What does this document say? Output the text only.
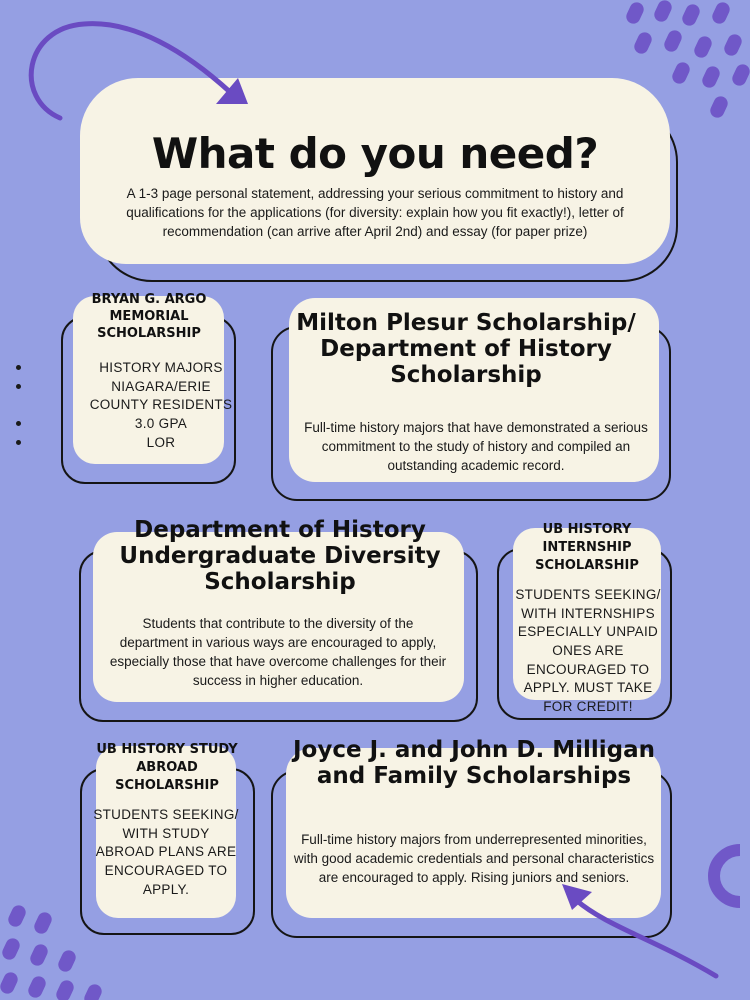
What do you need?
A 1-3 page personal statement, addressing your serious commitment to history and qualifications for the applications (for diversity: explain how you fit exactly!), letter of recommendation (can arrive after April 2nd) and essay (for paper prize)
BRYAN G. ARGO MEMORIAL SCHOLARSHIP
HISTORY MAJORS
NIAGARA/ERIE COUNTY RESIDENTS
3.0 GPA
LOR
Milton Plesur Scholarship/ Department of History Scholarship
Full-time history majors that have demonstrated a serious commitment to the study of history and compiled an outstanding academic record.
Department of History Undergraduate Diversity Scholarship
Students that contribute to the diversity of the department in various ways are encouraged to apply, especially those that have overcome challenges for their success in higher education.
UB HISTORY INTERNSHIP SCHOLARSHIP
STUDENTS SEEKING/ WITH INTERNSHIPS ESPECIALLY UNPAID ONES ARE ENCOURAGED TO APPLY. MUST TAKE FOR CREDIT!
UB HISTORY STUDY ABROAD SCHOLARSHIP
STUDENTS SEEKING/ WITH STUDY ABROAD PLANS ARE ENCOURAGED TO APPLY.
Joyce J. and John D. Milligan and Family Scholarships
Full-time history majors from underrepresented minorities, with good academic credentials and personal characteristics are encouraged to apply. Rising juniors and seniors.
